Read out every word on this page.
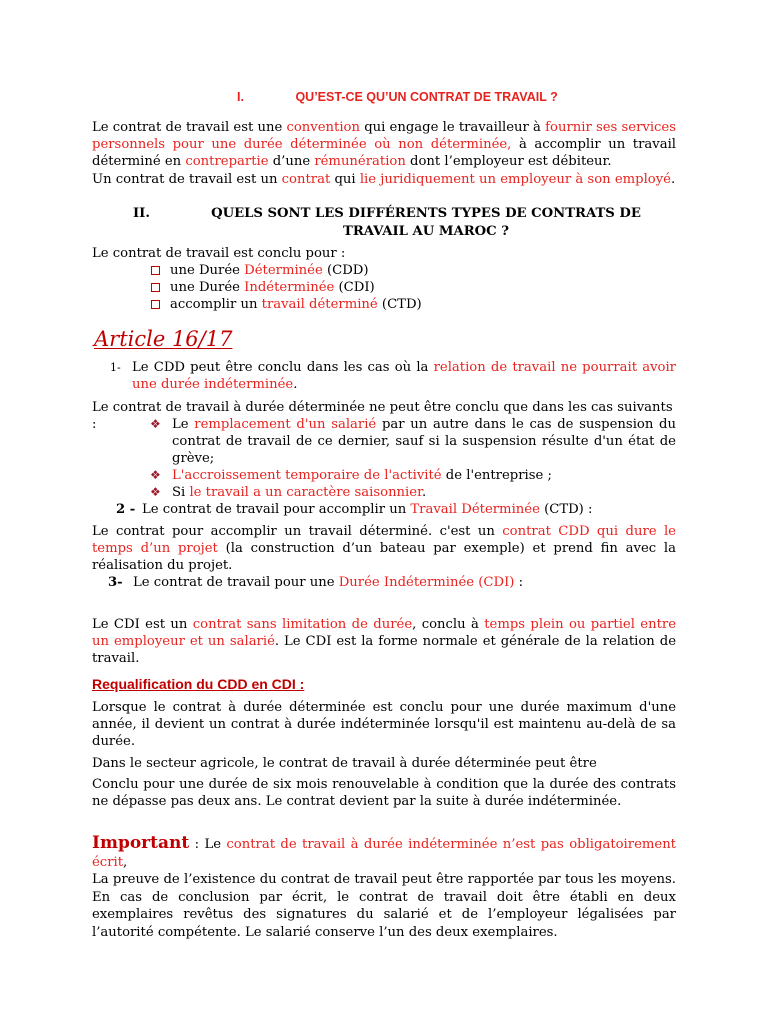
I.	QU’EST-CE QU’UN CONTRAT DE TRAVAIL ?

Le contrat de travail est une convention qui engage le travailleur à fournir ses services personnels pour une durée déterminée où non déterminée, à accomplir un travail déterminé en contrepartie d’une rémunération dont l’employeur est débiteur.

Un contrat de travail est un contrat qui lie juridiquement un employeur à son employé.

II.	QUELS SONT LES DIFFÉRENTS TYPES DE CONTRATS DE TRAVAIL AU MAROC ?

Le contrat de travail est conclu pour :

une Durée Déterminée (CDD)
une Durée Indéterminée (CDI)
accomplir un travail déterminé (CTD)
Article 16/17
1- Le CDD peut être conclu dans les cas où la relation de travail ne pourrait avoir une durée indéterminée.

Le contrat de travail à durée déterminée ne peut être conclu que dans les cas suivants :	❖ Le remplacement d'un salarié par un autre dans le cas de suspension du contrat de travail de ce dernier, sauf si la suspension résulte d'un état de grève;
❖ L'accroissement temporaire de l'activité de l'entreprise ;
❖ Si le travail a un caractère saisonnier.
2 - Le contrat de travail pour accomplir un Travail Déterminée (CTD) :

Le contrat pour accomplir un travail déterminé. c'est un contrat CDD qui dure le temps d’un projet (la construction d’un bateau par exemple) et prend fin avec la réalisation du projet.

3- Le contrat de travail pour une Durée Indéterminée (CDI) :

Le CDI est un contrat sans limitation de durée, conclu à temps plein ou partiel entre un employeur et un salarié. Le CDI est la forme normale et générale de la relation de travail.

Requalification du CDD en CDI :

Lorsque le contrat à durée déterminée est conclu pour une durée maximum d'une année, il devient un contrat à durée indéterminée lorsqu'il est maintenu au-delà de sa durée.

Dans le secteur agricole, le contrat de travail à durée déterminée peut être

Conclu pour une durée de six mois renouvelable à condition que la durée des contrats ne dépasse pas deux ans. Le contrat devient par la suite à durée indéterminée.

Important : Le contrat de travail à durée indéterminée n’est pas obligatoirement écrit,
La preuve de l’existence du contrat de travail peut être rapportée par tous les moyens. En cas de conclusion par écrit, le contrat de travail doit être établi en deux exemplaires revêtus des signatures du salarié et de l’employeur légalisées par l’autorité compétente. Le salarié conserve l’un des deux exemplaires.
